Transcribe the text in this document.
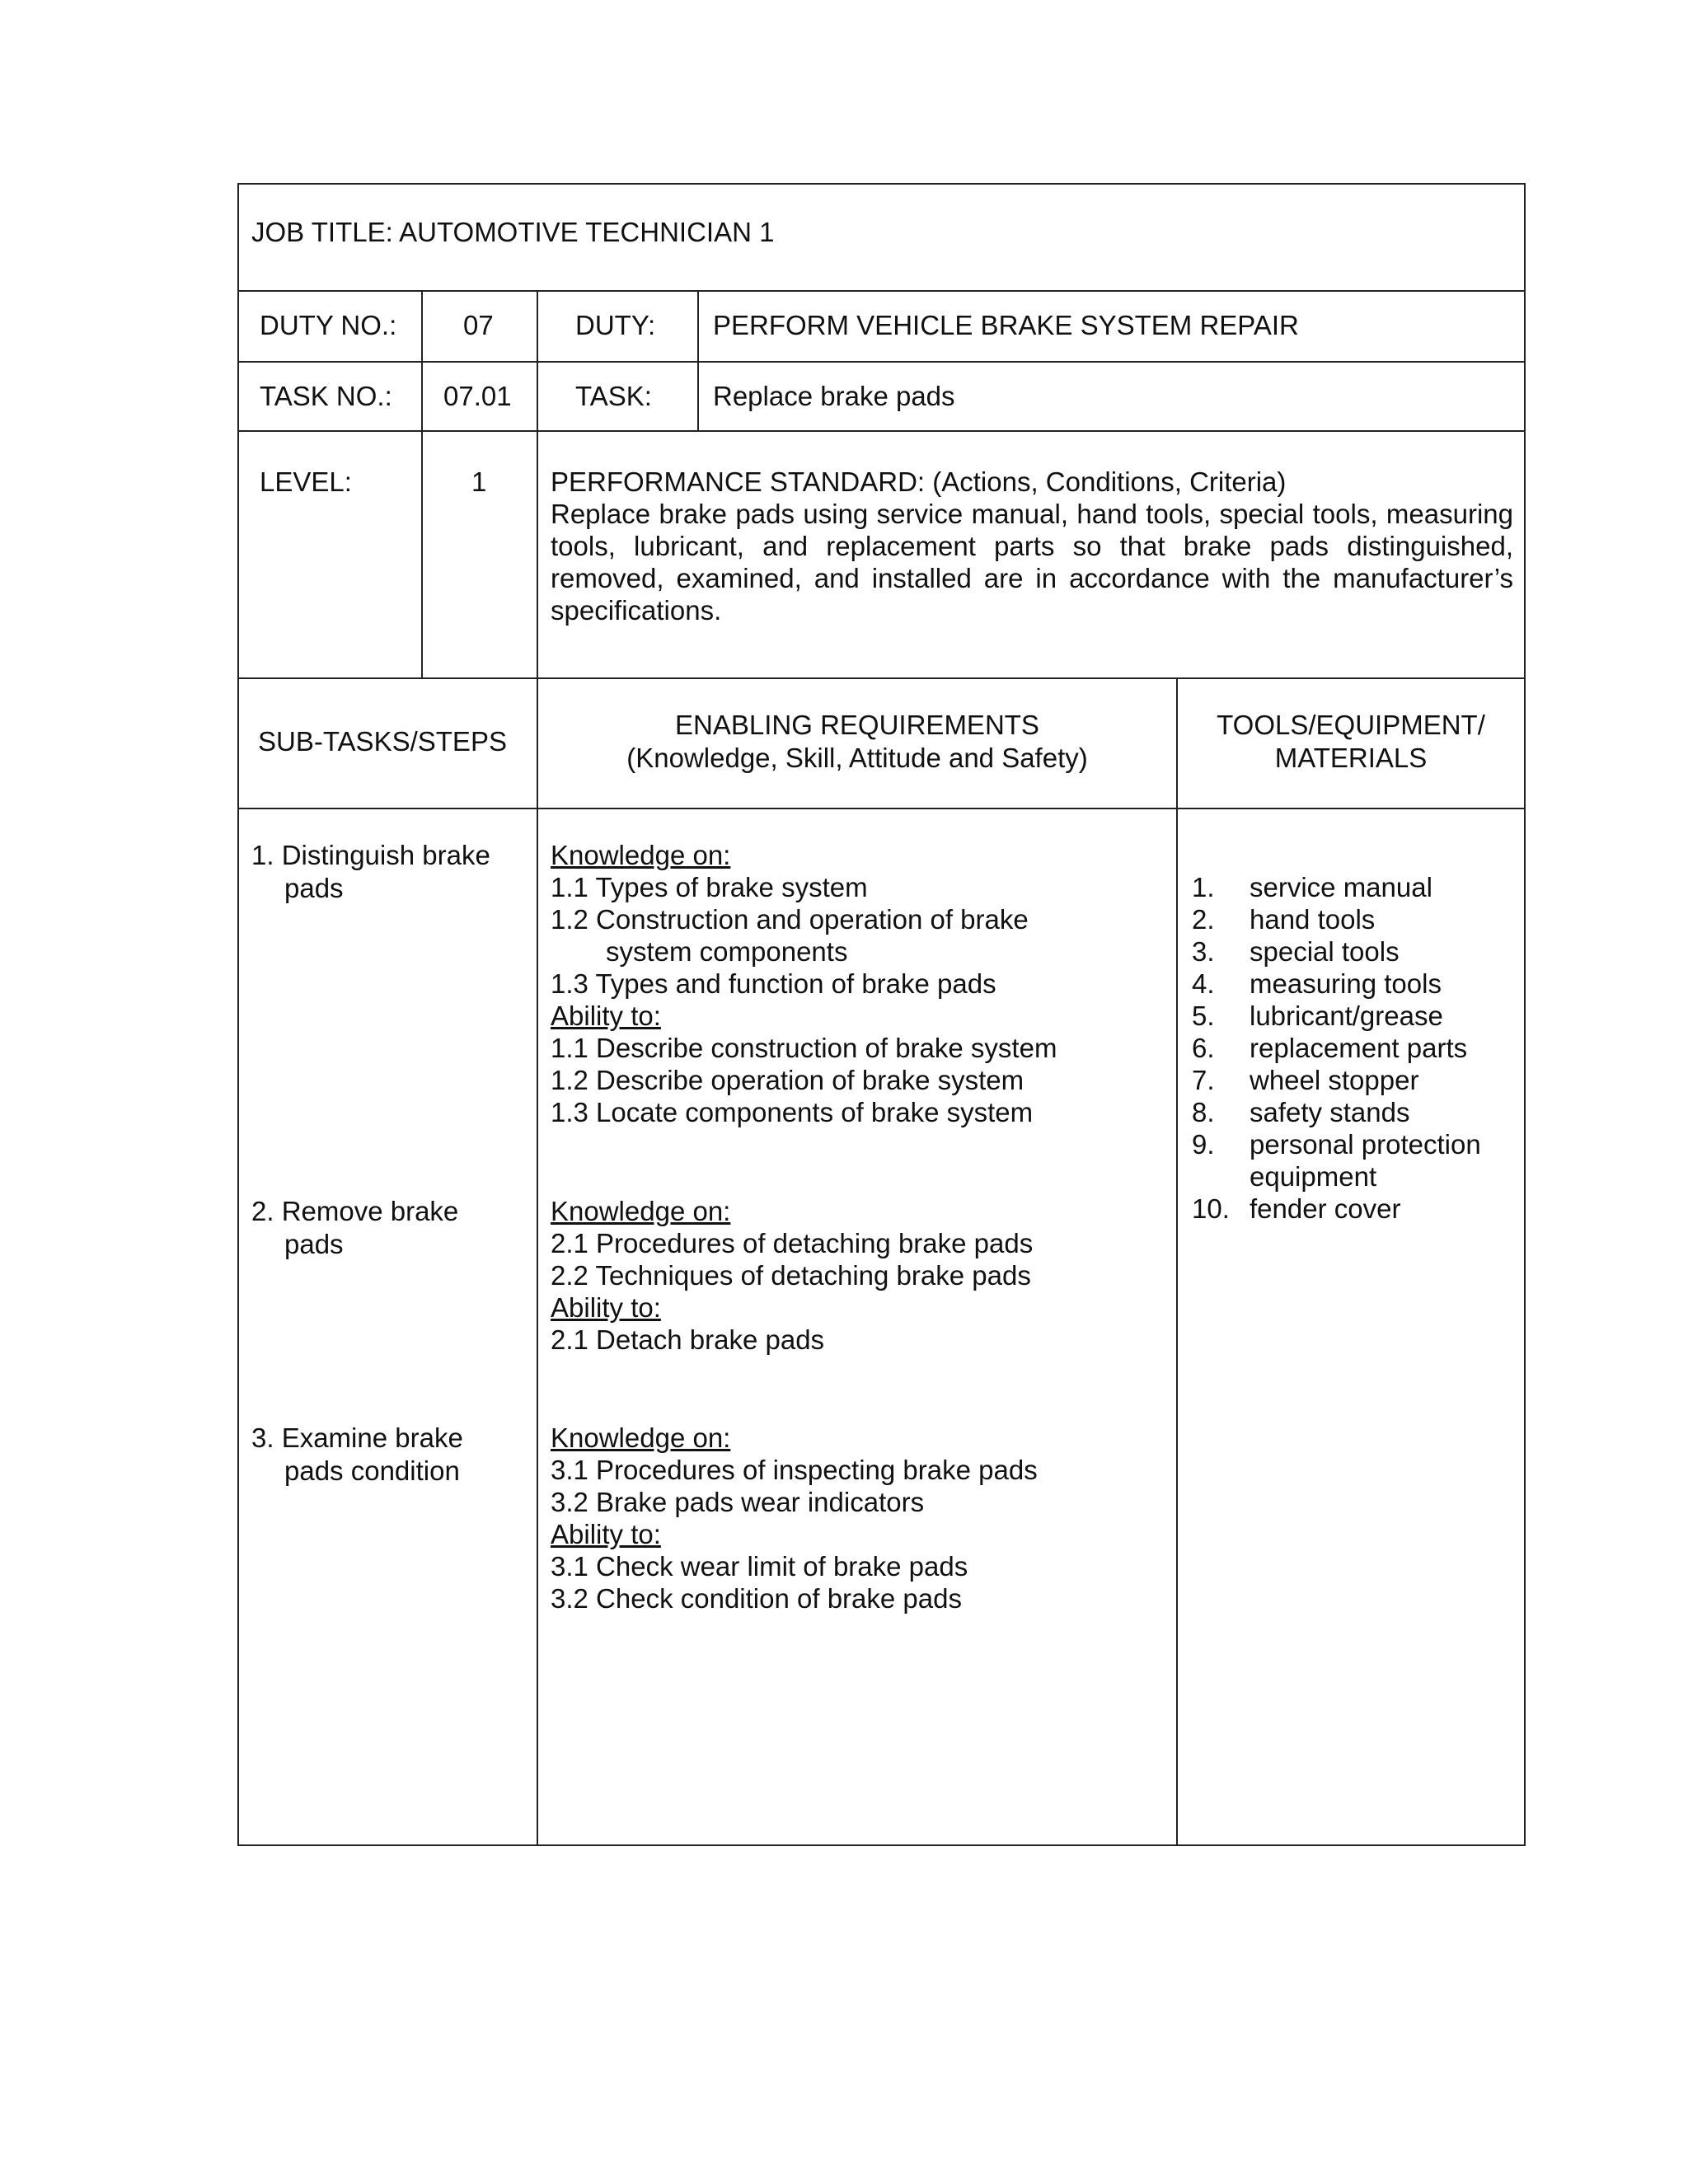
JOB TITLE: AUTOMOTIVE TECHNICIAN 1
DUTY NO.: 07	DUTY: PERFORM VEHICLE BRAKE SYSTEM REPAIR
TASK NO.: 07.01 TASK: Replace brake pads
LEVEL:	1 PERFORMANCE STANDARD: (Actions, Conditions, Criteria)
Replace brake pads using service manual, hand tools, special tools, measuring tools, lubricant, and replacement parts so that brake pads distinguished, removed, examined, and installed are in accordance with the manufacturer’s specifications.
SUB-TASKS/STEPS
ENABLING REQUIREMENTS
(Knowledge, Skill, Attitude and Safety)
TOOLS/EQUIPMENT/
MATERIALS
1. Distinguish brake
pads
Knowledge on:
1.1 Types of brake system
1.2 Construction and operation of brake
system components
1.3 Types and function of brake pads
Ability to:
1.1 Describe construction of brake system
1.2 Describe operation of brake system
1.3 Locate components of brake system
2. Remove brake
pads
Knowledge on:
2.1 Procedures of detaching brake pads
2.2 Techniques of detaching brake pads
Ability to:
2.1 Detach brake pads
3. Examine brake
pads condition
Knowledge on:
3.1 Procedures of inspecting brake pads
3.2 Brake pads wear indicators
Ability to:
3.1 Check wear limit of brake pads
3.2 Check condition of brake pads
1. service manual
2. hand tools
3. special tools
4. measuring tools
5. lubricant/grease
6. replacement parts
7. wheel stopper
8. safety stands
9. personal protection
equipment
10. fender cover
